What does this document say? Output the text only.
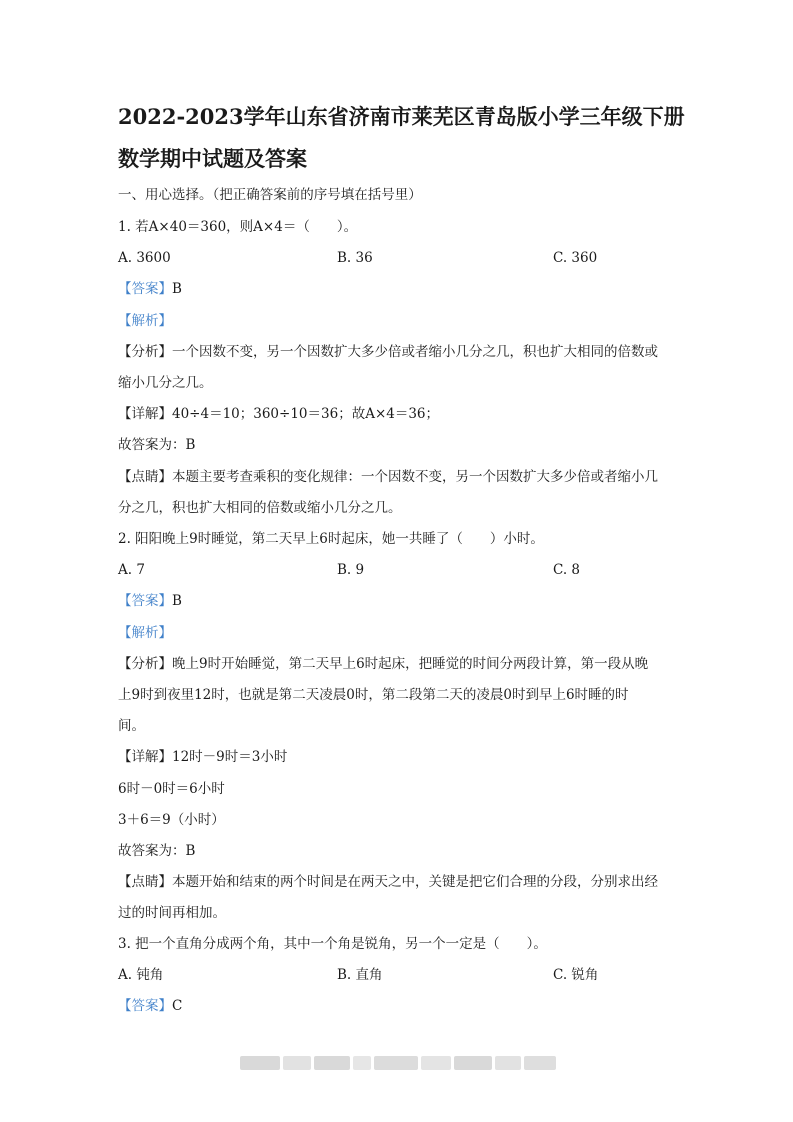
2022-2023学年山东省济南市莱芜区青岛版小学三年级下册
数学期中试题及答案
一、用心选择。（把正确答案前的序号填在括号里）
1. 若A×40＝360，则A×4＝（　　）。
A. 3600	B. 36	C. 360
【答案】B
【解析】
【分析】一个因数不变，另一个因数扩大多少倍或者缩小几分之几，积也扩大相同的倍数或
缩小几分之几。
【详解】40÷4＝10；360÷10＝36；故A×4＝36；
故答案为：B
【点睛】本题主要考查乘积的变化规律：一个因数不变，另一个因数扩大多少倍或者缩小几
分之几，积也扩大相同的倍数或缩小几分之几。
2. 阳阳晚上9时睡觉，第二天早上6时起床，她一共睡了（　　）小时。
A. 7	B. 9	C. 8
【答案】B
【解析】
【分析】晚上9时开始睡觉，第二天早上6时起床，把睡觉的时间分两段计算，第一段从晚
上9时到夜里12时，也就是第二天凌晨0时，第二段第二天的凌晨0时到早上6时睡的时
间。
【详解】12时－9时＝3小时
6时－0时＝6小时
3＋6＝9（小时）
故答案为：B
【点睛】本题开始和结束的两个时间是在两天之中，关键是把它们合理的分段，分别求出经
过的时间再相加。
3. 把一个直角分成两个角，其中一个角是锐角，另一个一定是（　　）。
A. 钝角	B. 直角	C. 锐角
【答案】C
